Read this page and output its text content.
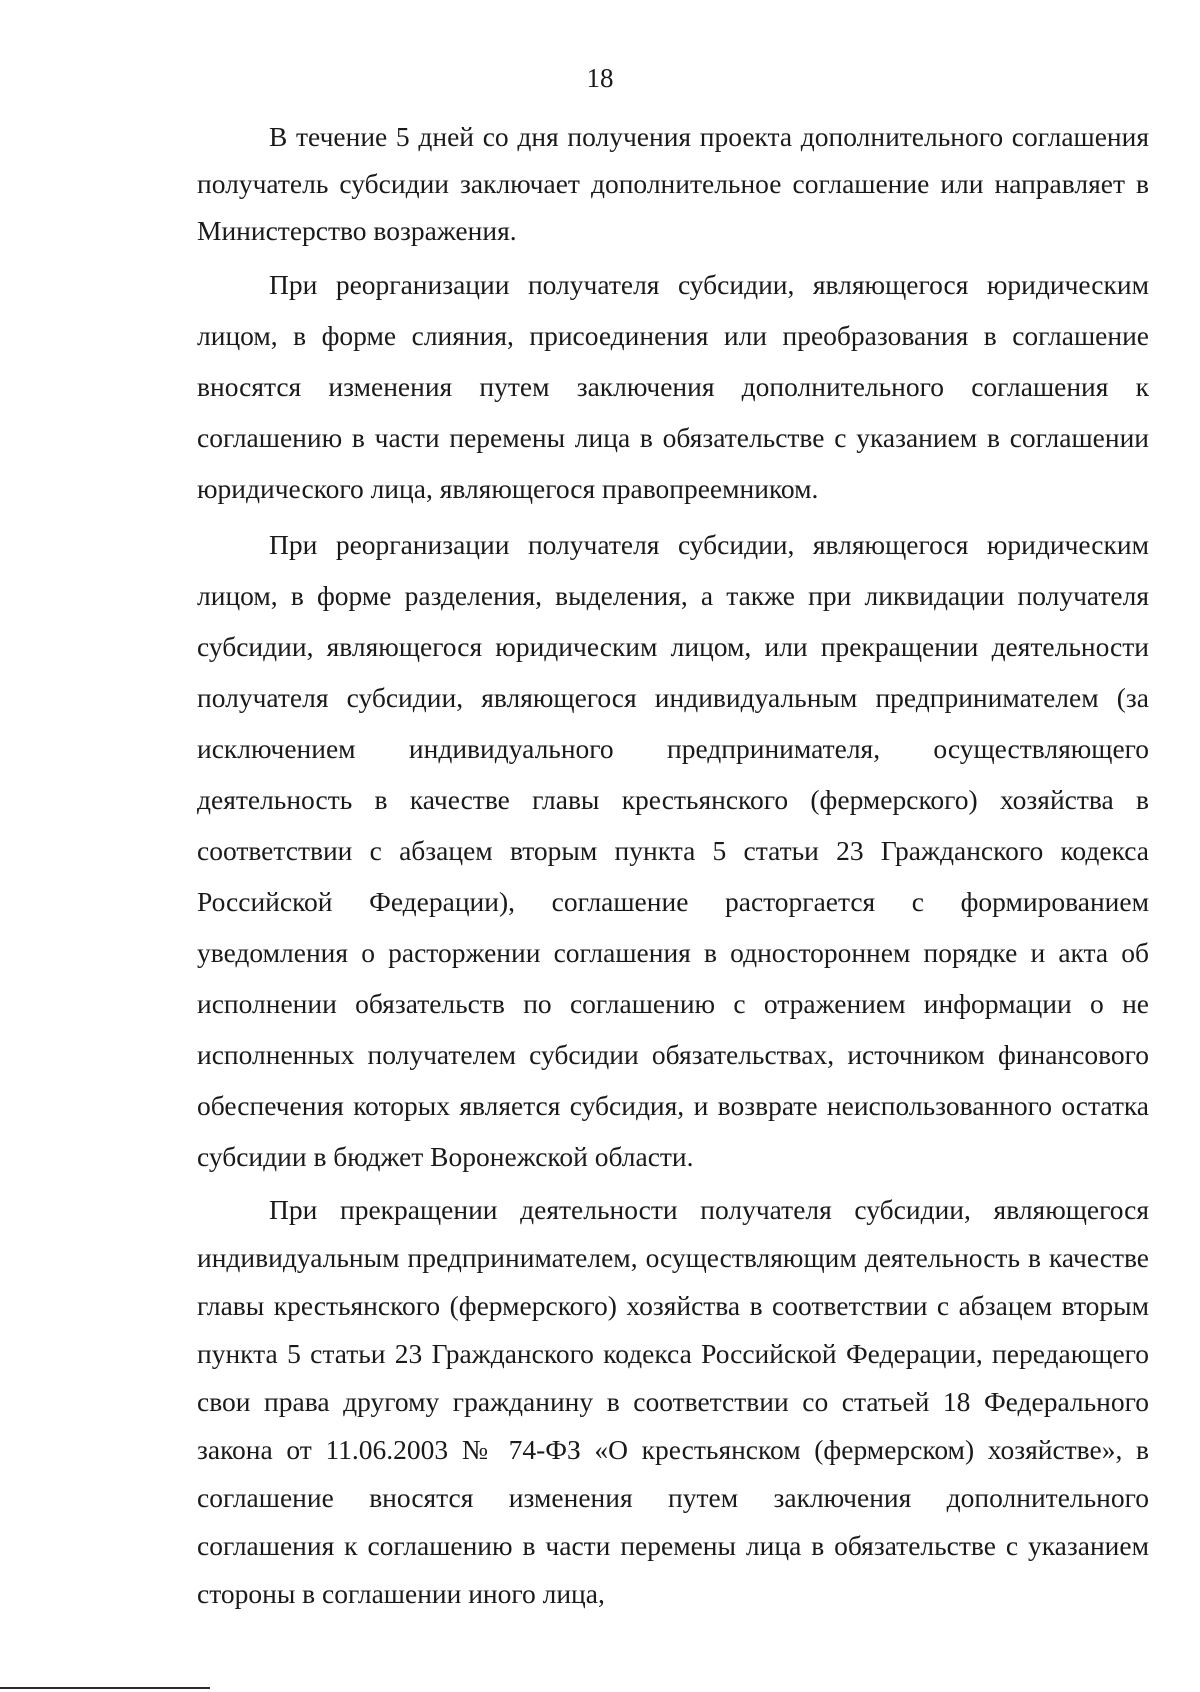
18

В течение 5 дней со дня получения проекта дополнительного соглашения получатель субсидии заключает дополнительное соглашение или направляет в Министерство возражения.

При реорганизации получателя субсидии, являющегося юридическим лицом, в форме слияния, присоединения или преобразования в соглашение вносятся изменения путем заключения дополнительного соглашения к соглашению в части перемены лица в обязательстве с указанием в соглашении юридического лица, являющегося правопреемником.

При реорганизации получателя субсидии, являющегося юридическим лицом, в форме разделения, выделения, а также при ликвидации получателя субсидии, являющегося юридическим лицом, или прекращении деятельности получателя субсидии, являющегося индивидуальным предпринимателем (за исключением индивидуального предпринимателя, осуществляющего деятельность в качестве главы крестьянского (фермерского) хозяйства в соответствии с абзацем вторым пункта 5 статьи 23 Гражданского кодекса Российской Федерации), соглашение расторгается с формированием уведомления о расторжении соглашения в одностороннем порядке и акта об исполнении обязательств по соглашению с отражением информации о не исполненных получателем субсидии обязательствах, источником финансового обеспечения которых является субсидия, и возврате неиспользованного остатка субсидии в бюджет Воронежской области.

При прекращении деятельности получателя субсидии, являющегося индивидуальным предпринимателем, осуществляющим деятельность в качестве главы крестьянского (фермерского) хозяйства в соответствии с абзацем вторым пункта 5 статьи 23 Гражданского кодекса Российской Федерации, передающего свои права другому гражданину в соответствии со статьей 18 Федерального закона от 11.06.2003 № 74-ФЗ «О крестьянском (фермерском) хозяйстве», в соглашение вносятся изменения путем заключения дополнительного соглашения к соглашению в части перемены лица в обязательстве с указанием стороны в соглашении иного лица,
